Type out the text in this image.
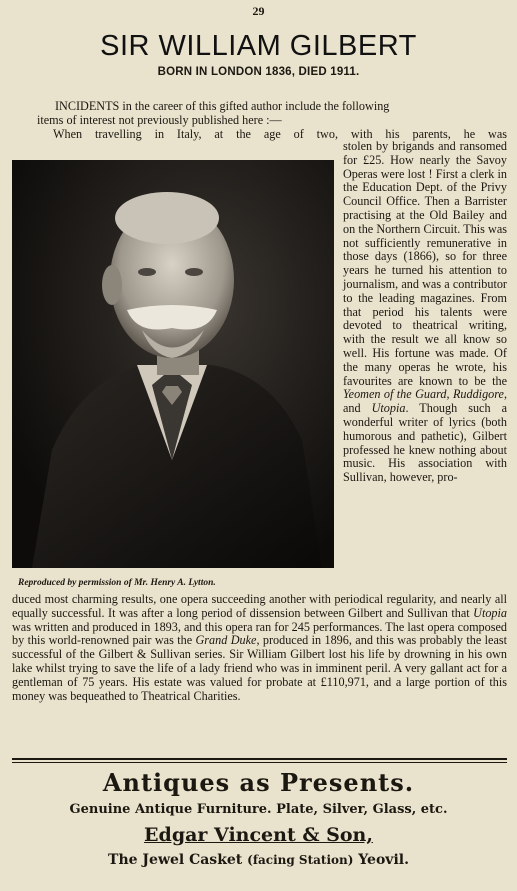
29
SIR WILLIAM GILBERT
BORN IN LONDON 1836, DIED 1911.

INCIDENTS in the career of this gifted author include the following

items of interest not previously published here :—

When travelling in Italy, at the age of two, with his parents, he was

Reproduced by permission of Mr. Henry A. Lytton.

stolen by brigands and ransomed for £25. How nearly the Savoy Operas were lost ! First a clerk in the Education Dept. of the Privy Council Office. Then a Barrister practising at the Old Bailey and on the Northern Circuit. This was not sufficiently remunerative in those days (1866), so for three years he turned his attention to journalism, and was a contributor to the leading magazines. From that period his talents were devoted to theatrical writing, with the result we all know so well. His fortune was made. Of the many operas he wrote, his favourites are known to be the Yeomen of the Guard, Ruddigore, and Utopia. Though such a wonderful writer of lyrics (both humorous and pathetic), Gilbert professed he knew nothing about music. His association with Sullivan, however, pro-

duced most charming results, one opera succeeding another with periodical regularity, and nearly all equally successful. It was after a long period of dissension between Gilbert and Sullivan that Utopia was written and produced in 1893, and this opera ran for 245 performances. The last opera composed by this world-renowned pair was the Grand Duke, produced in 1896, and this was probably the least successful of the Gilbert & Sullivan series. Sir William Gilbert lost his life by drowning in his own lake whilst trying to save the life of a lady friend who was in imminent peril. A very gallant act for a gentleman of 75 years. His estate was valued for probate at £110,971, and a large portion of this money was bequeathed to Theatrical Charities.

Antiques as Presents.
Genuine Antique Furniture. Plate, Silver, Glass, etc.
Edgar Vincent & Son,
The Jewel Casket (facing Station) Yeovil.
